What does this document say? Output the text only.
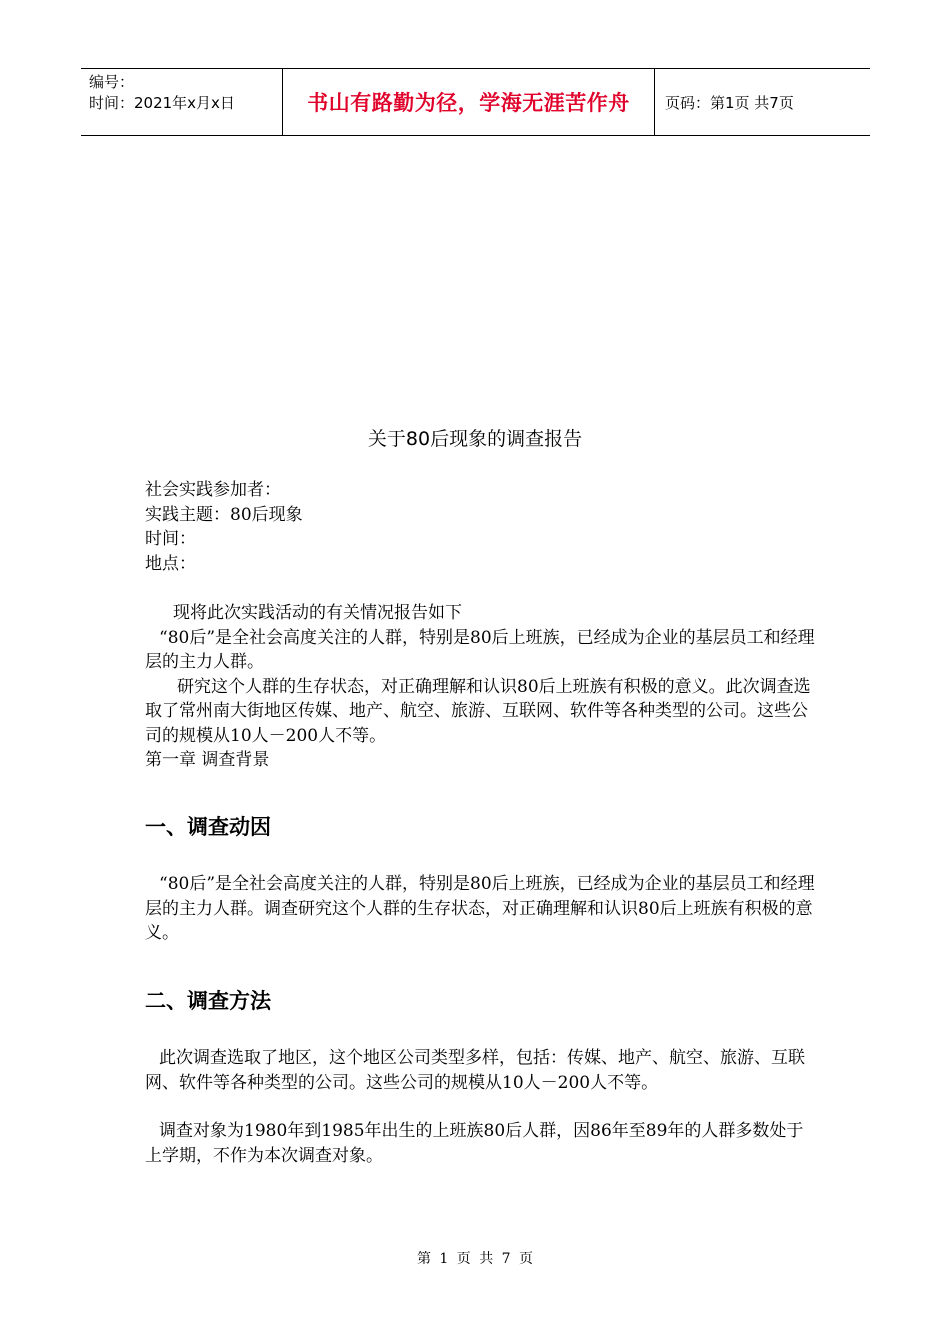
编号：
时间：2021年x月x日	书山有路勤为径，学海无涯苦作舟 页码：第1页 共7页
关于80后现象的调查报告
社会实践参加者：
实践主题：80后现象
时间：
地点：
现将此次实践活动的有关情况报告如下
“80后”是全社会高度关注的人群，特别是80后上班族，已经成为企业的基层员工和经理层的主力人群。
研究这个人群的生存状态，对正确理解和认识80后上班族有积极的意义。此次调查选取了常州南大街地区传媒、地产、航空、旅游、互联网、软件等各种类型的公司。这些公司的规模从10人－200人不等。
第一章 调查背景
一、调查动因
“80后”是全社会高度关注的人群，特别是80后上班族，已经成为企业的基层员工和经理层的主力人群。调查研究这个人群的生存状态，对正确理解和认识80后上班族有积极的意义。
二、调查方法
此次调查选取了地区，这个地区公司类型多样，包括：传媒、地产、航空、旅游、互联网、软件等各种类型的公司。这些公司的规模从10人－200人不等。
调查对象为1980年到1985年出生的上班族80后人群，因86年至89年的人群多数处于上学期，不作为本次调查对象。
第 1 页 共 7 页
